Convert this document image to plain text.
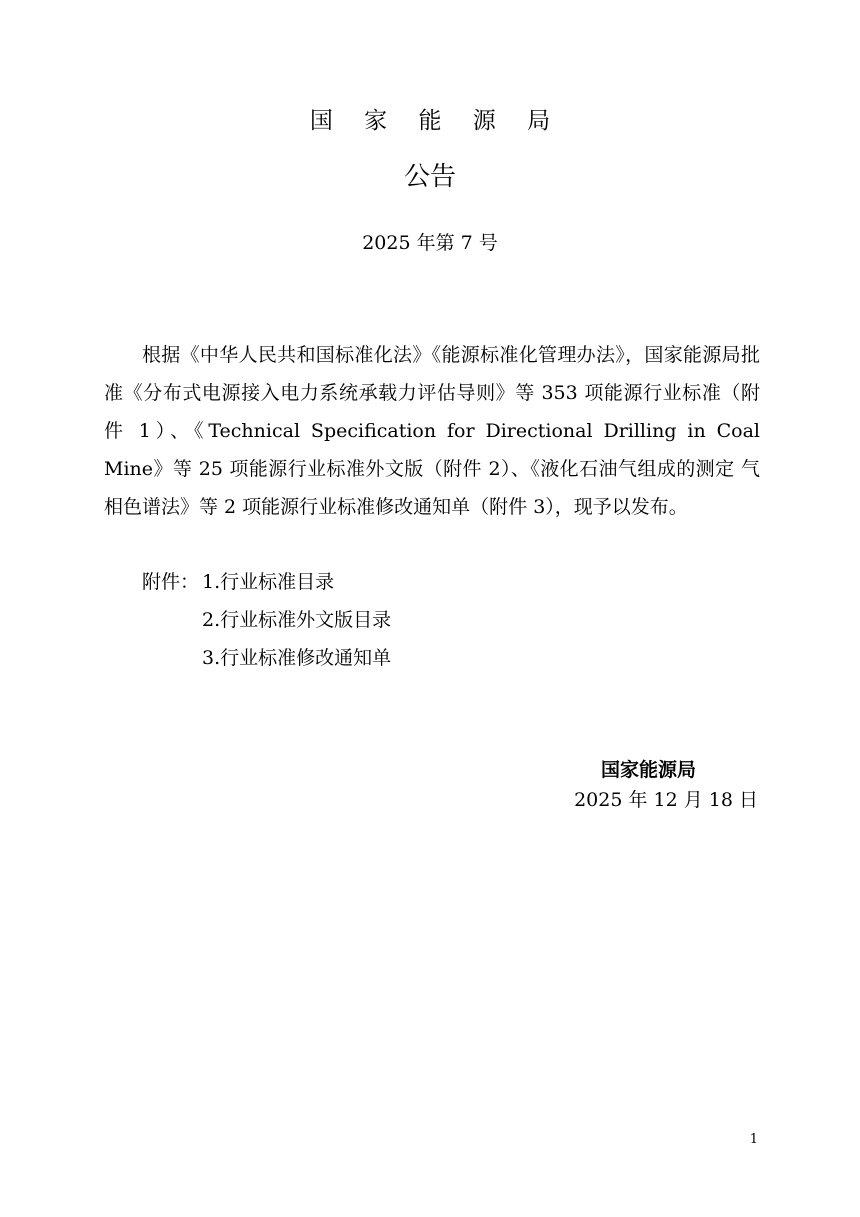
国 家 能 源 局
公告
2025 年第 7 号

根据《中华人民共和国标准化法》《能源标准化管理办法》，国家能源局批准《分布式电源接入电力系统承载力评估导则》等 353 项能源行业标准（附件 1）、《Technical Specification for Directional Drilling in Coal Mine》等 25 项能源行业标准外文版（附件 2）、《液化石油气组成的测定 气相色谱法》等 2 项能源行业标准修改通知单（附件 3），现予以发布。

附件： 1.行业标准目录
2.行业标准外文版目录
3.行业标准修改通知单
国家能源局
2025 年 12 月 18 日
1
